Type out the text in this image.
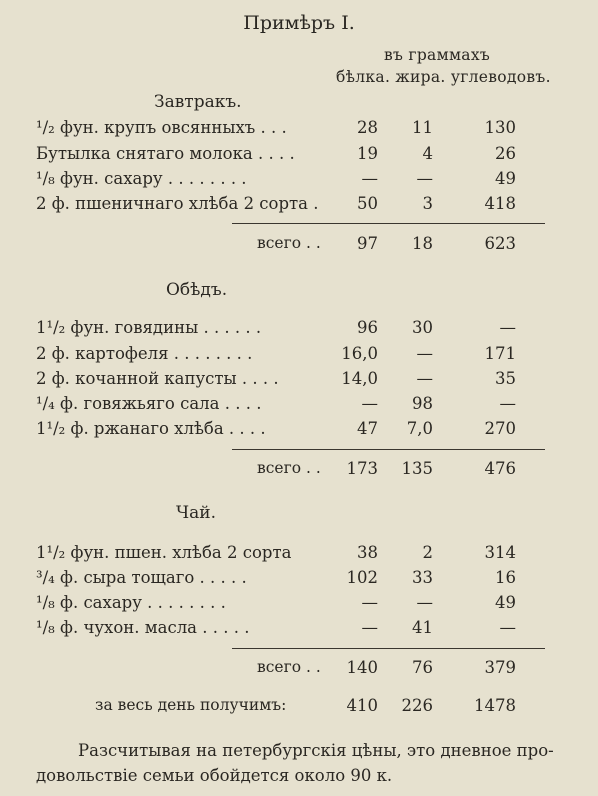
Примѣръ I.
въ граммахъ
бѣлка. жира. углеводовъ.
Завтракъ.
¹/₂ фун. крупъ овсянныхъ . . .	28 11	130
Бутылка снятаго молока . . . .	19	4	26
¹/₈ фун. сахару . . . . . . . .	— —	49
2 ф. пшеничнаго хлѣба 2 сорта . 50	3	418
всего . . 97 18	623
Обѣдъ.
1¹/₂ фун. говядины . . . . . .	96 30	—
2 ф. картофеля . . . . . . . .	16,0 —	171
2 ф. кочанной капусты . . . .	14,0 —	35
¹/₄ ф. говяжьяго сала . . . .	— 98	—
1¹/₂ ф. ржанаго хлѣба . . . .	47 7,0	270
всего . . 173 135	476
Чай.
1¹/₂ фун. пшен. хлѣба 2 сорта	38	2	314
³/₄ ф. сыра тощаго . . . . .	102 33	16
¹/₈ ф. сахару . . . . . . . .	— —	49
¹/₈ ф. чухон. масла . . . . .	— 41	—
всего . . 140 76	379
за весь день получимъ:	410 226 1478
Разсчитывая на петербургскія цѣны, это дневное про-
довольствіе семьи обойдется около 90 к.
